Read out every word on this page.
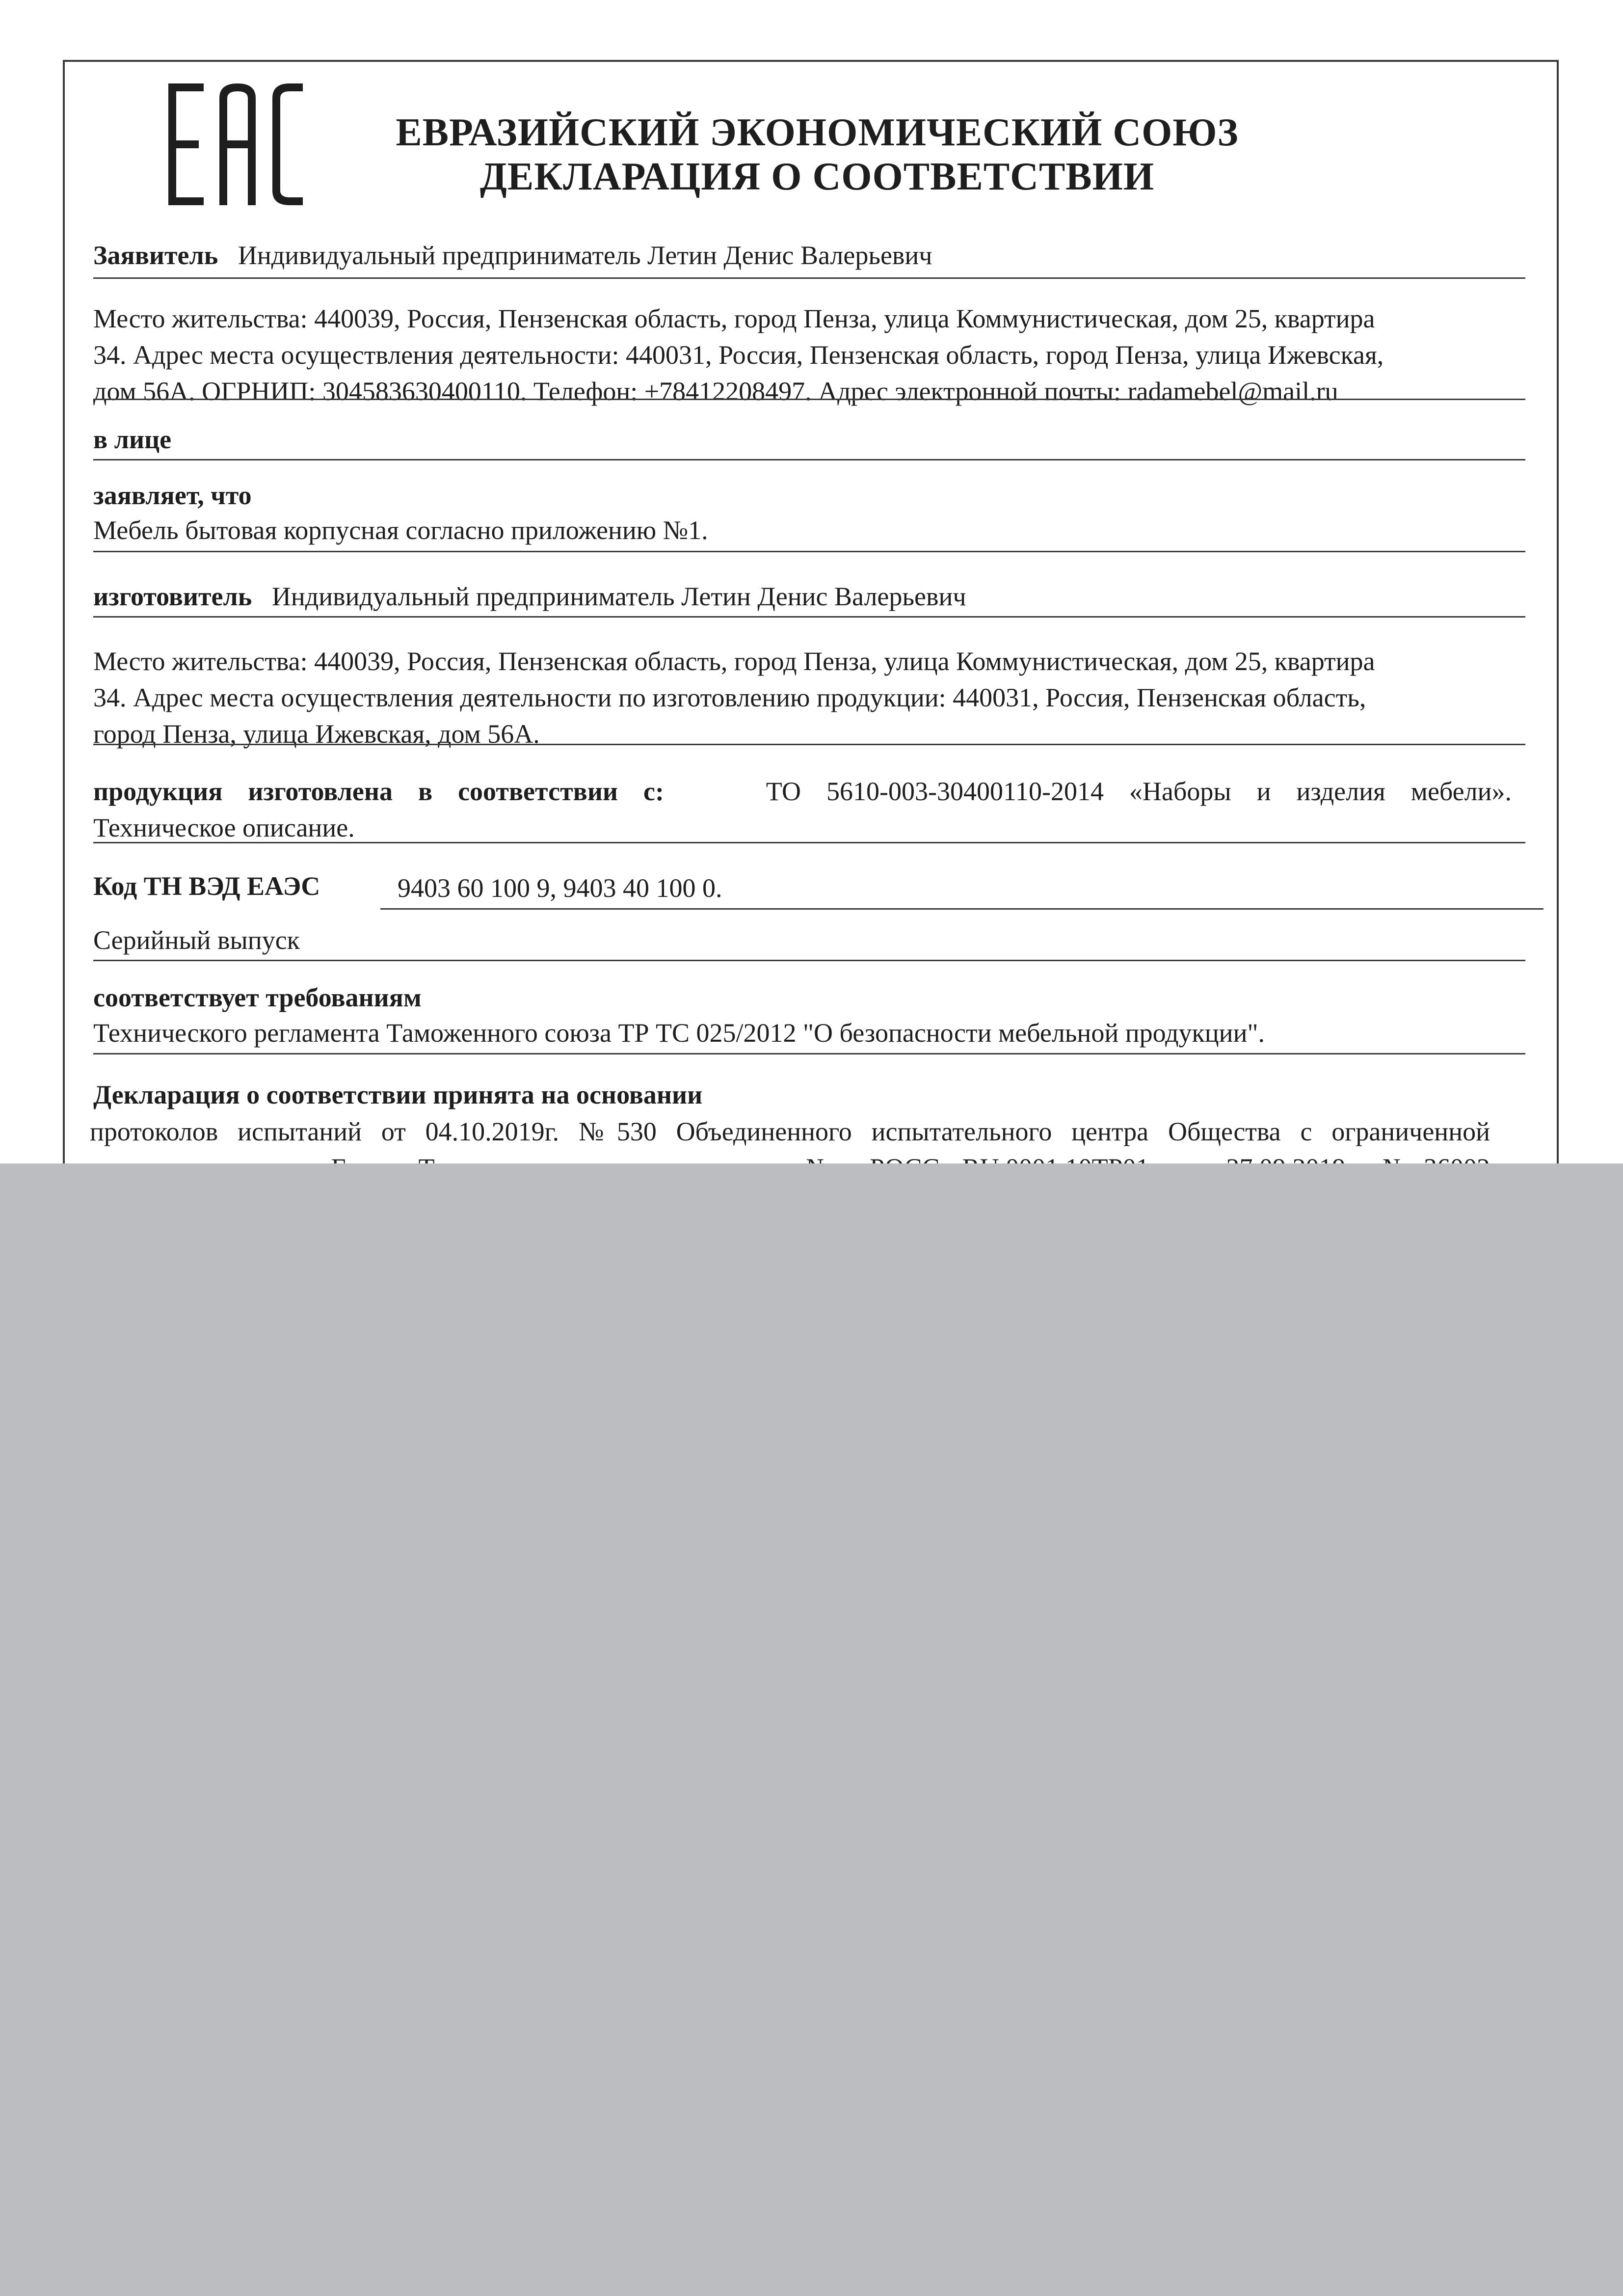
ЕВРАЗИЙСКИЙ ЭКОНОМИЧЕСКИЙ СОЮЗ
ДЕКЛАРАЦИЯ О СООТВЕТСТВИИ
Заявитель Индивидуальный предприниматель Летин Денис Валерьевич
Место жительства: 440039, Россия, Пензенская область, город Пенза, улица Коммунистическая, дом 25, квартира
34. Адрес места осуществления деятельности: 440031, Россия, Пензенская область, город Пенза, улица Ижевская,
дом 56А. ОГРНИП: 304583630400110. Телефон: +78412208497. Адрес электронной почты: radamebel@mail.ru
в лице
заявляет, что
Мебель бытовая корпусная согласно приложению №1.
изготовитель Индивидуальный предприниматель Летин Денис Валерьевич
Место жительства: 440039, Россия, Пензенская область, город Пенза, улица Коммунистическая, дом 25, квартира
34. Адрес места осуществления деятельности по изготовлению продукции: 440031, Россия, Пензенская область,
город Пенза, улица Ижевская, дом 56А.
продукция изготовлена в соответствии с:	ТО 5610-003-30400110-2014 «Наборы и изделия мебели».
Техническое описание.
Код ТН ВЭД ЕАЭС	9403 60 100 9, 9403 40 100 0.
Серийный выпуск
соответствует требованиям
Технического регламента Таможенного союза ТР ТС 025/2012 "О безопасности мебельной продукции".
Декларация о соответствии принята на основании
протоколов испытаний от 04.10.2019г. №530 Объединенного испытательного центра Общества с ограниченной
